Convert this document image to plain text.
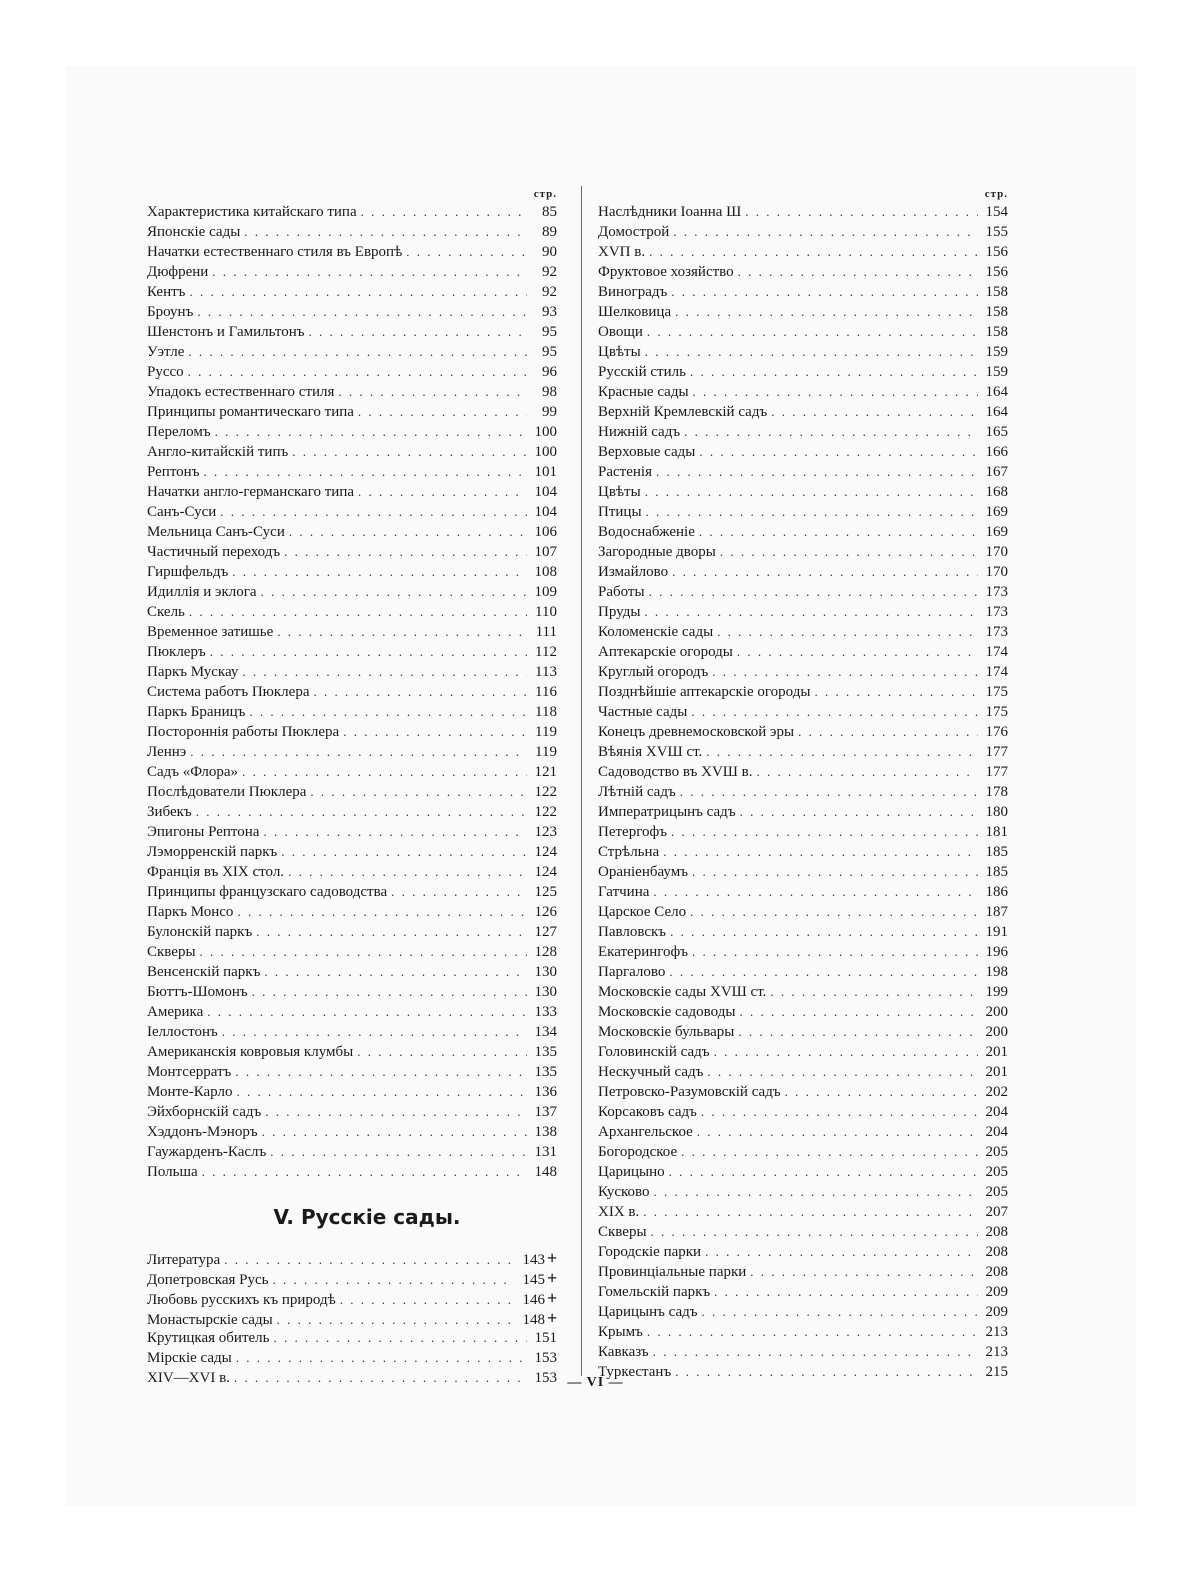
стр.
Характеристика китайскаго типа . . .	85
Японскіе сады . . .	89
Начатки естественнаго стиля въ Европѣ . . .	90
Дюфрени . . .	92
Кентъ . . .	92
Броунъ . . .	93
Шенстонъ и Гамильтонъ . . .	95
Уэтле . . .	95
Руссо . . .	96
Упадокъ естественнаго стиля . . .	98
Принципы романтическаго типа . . .	99
Переломъ . . .	100
Англо-китайскій типъ . . .	100
Рептонъ . . .	101
Начатки англо-германскаго типа . . .	104
Санъ-Суси . . .	104
Мельница Санъ-Суси . . .	106
Частичный переходъ . . .	107
Гиршфельдъ . . .	108
Идиллія и эклога . . .	109
Скель . . .	110
Временное затишье . . .	111
Пюклеръ . . .	112
Паркъ Мускау . . .	113
Система работъ Пюклера . . .	116
Паркъ Браницъ . . .	118
Постороннія работы Пюклера . . .	119
Леннэ . . .	119
Садъ «Флора» . . .	121
Послѣдователи Пюклера . . .	122
Зибекъ . . .	122
Эпигоны Рептона . . .	123
Лэморренскій паркъ . . .	124
Франція въ XIX стол. . . .	124
Принципы французскаго садоводства . . .	125
Паркъ Монсо . . .	126
Булонскій паркъ . . .	127
Скверы . . .	128
Венсенскій паркъ . . .	130
Бюттъ-Шомонъ . . .	130
Америка . . .	133
Іеллостонъ . . .	134
Американскія ковровыя клумбы . . .	135
Монтсерратъ . . .	135
Монте-Карло . . .	136
Эйхборнскій садъ . . .	137
Хэддонъ-Мэноръ . . .	138
Гаужарденъ-Каслъ . . .	131
Польша . . .	148
V. Русскіе сады.
Литература . . .	143 +
Допетровская Русь . . .	145 +
Любовь русскихъ къ природѣ . . .	146 +
Монастырскіе сады . . .	148 +
Крутицкая обитель . . .	151
Мірскіе сады . . .	153
XIV—XVI в. . . .	153
стр.
Наслѣдники Іоанна Ш . . .	154
Домострой . . .	155
XVП в. . . .	156
Фруктовое хозяйство . . .	156
Виноградъ . . .	158
Шелковица . . .	158
Овощи . . .	158
Цвѣты . . .	159
Русскій стиль . . .	159
Красные сады . . .	164
Верхній Кремлевскій садъ . . .	164
Нижній садъ . . .	165
Верховые сады . . .	166
Растенія . . .	167
Цвѣты . . .	168
Птицы . . .	169
Водоснабженіе . . .	169
Загородные дворы . . .	170
Измайлово . . .	170
Работы . . .	173
Пруды . . .	173
Коломенскіе сады . . .	173
Аптекарскіе огороды . . .	174
Круглый огородъ . . .	174
Позднѣйшіе аптекарскіе огороды . . .	175
Частные сады . . .	175
Конецъ древнемосковской эры . . .	176
Вѣянія XVШ ст. . . .	177
Садоводство въ XVШ в. . . .	177
Лѣтній садъ . . .	178
Императрицынъ садъ . . .	180
Петергофъ . . .	181
Стрѣльна . . .	185
Ораніенбаумъ . . .	185
Гатчина . . .	186
Царское Село . . .	187
Павловскъ . . .	191
Екатерингофъ . . .	196
Паргалово . . .	198
Московскіе сады XVШ ст. . . .	199
Московскіе садоводы . . .	200
Московскіе бульвары . . .	200
Головинскій садъ . . .	201
Нескучный садъ . . .	201
Петровско-Разумовскій садъ . . .	202
Корсаковъ садъ . . .	204
Архангельское . . .	204
Богородское . . .	205
Царицыно . . .	205
Кусково . . .	205
XIX в. . . .	207
Скверы . . .	208
Городскіе парки . . .	208
Провинціальные парки . . .	208
Гомельскій паркъ . . .	209
Царицынъ садъ . . .	209
Крымъ . . .	213
Кавказъ . . .	213
Туркестанъ . . .	215
— VI —
